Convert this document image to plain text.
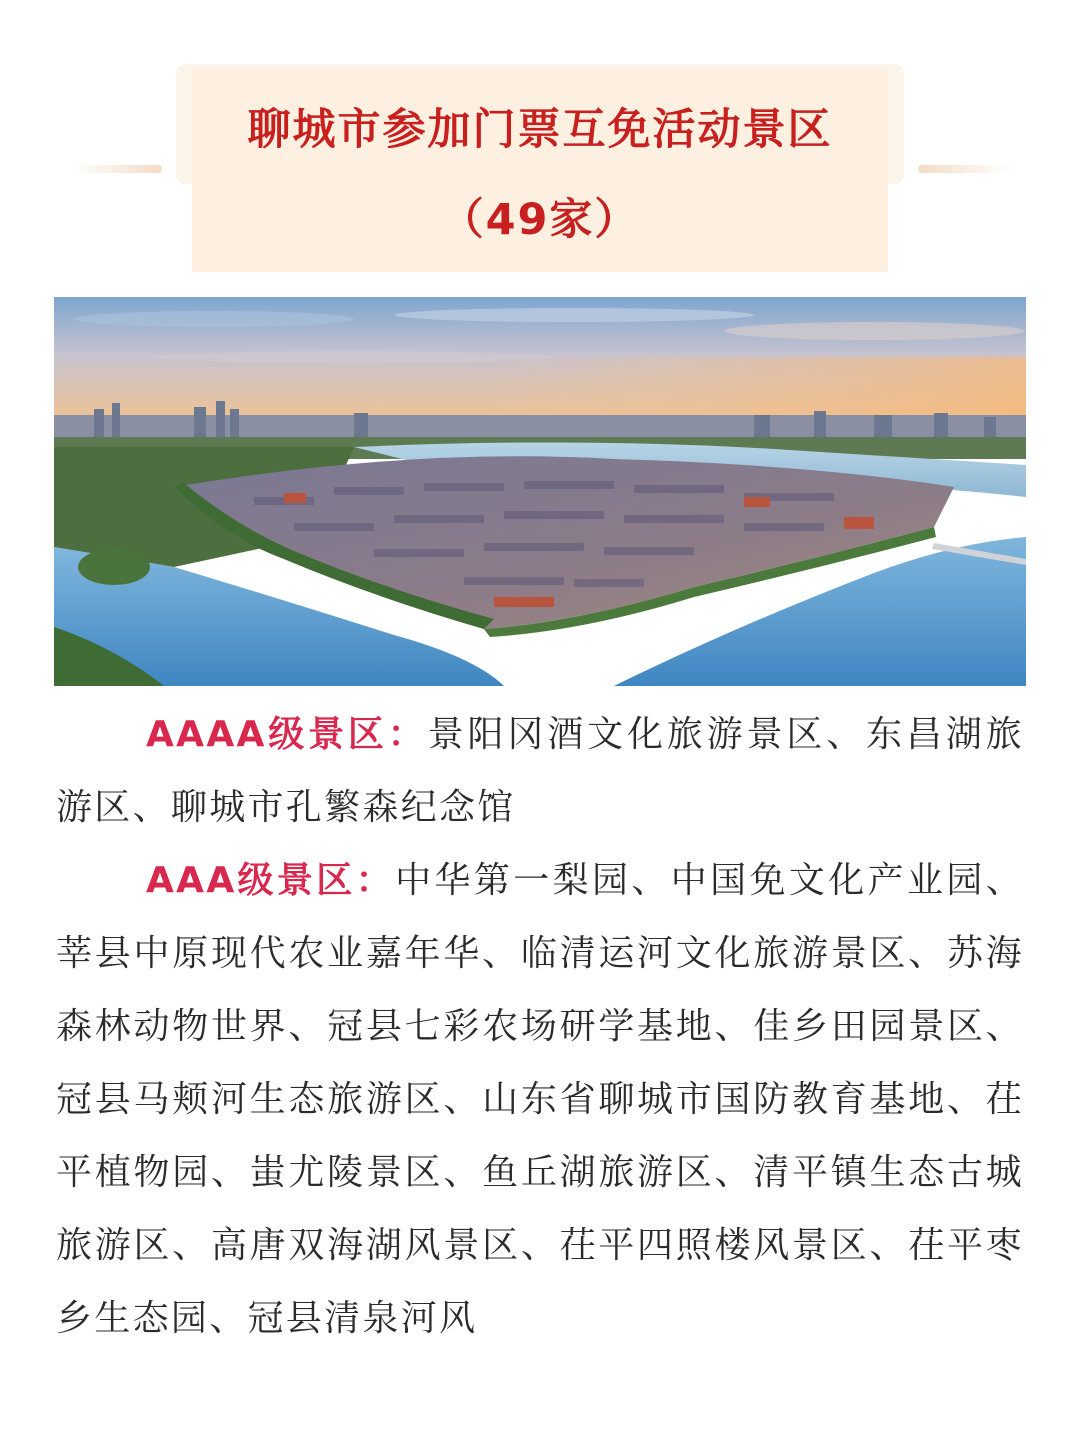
聊城市参加门票互免活动景区
（49家）

AAAA级景区：景阳冈酒文化旅游景区、东昌湖旅游区、聊城市孔繁森纪念馆

AAA级景区：中华第一梨园、中国免文化产业园、莘县中原现代农业嘉年华、临清运河文化旅游景区、苏海森林动物世界、冠县七彩农场研学基地、佳乡田园景区、冠县马颊河生态旅游区、山东省聊城市国防教育基地、茌平植物园、蚩尤陵景区、鱼丘湖旅游区、清平镇生态古城旅游区、高唐双海湖风景区、茌平四照楼风景区、茌平枣乡生态园、冠县清泉河风
